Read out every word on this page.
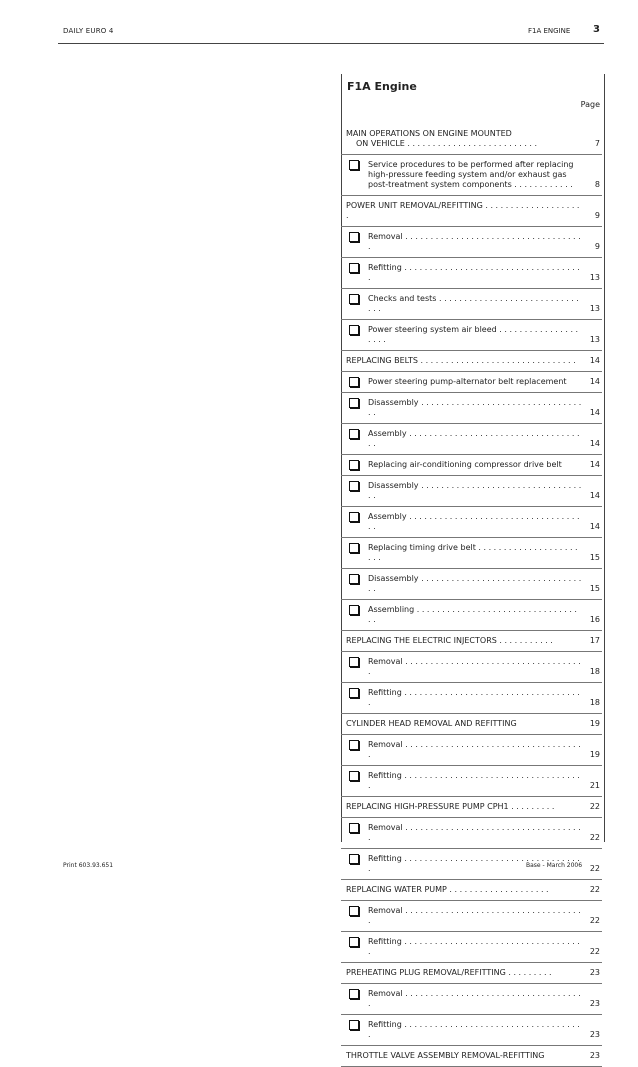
DAILY EURO 4	F1A ENGINE 3
F1A Engine
Page
MAIN OPERATIONS ON ENGINE MOUNTED
ON VEHICLE . . . . . . . . . . . . . . . . . . . . . . . . . .	7
Service procedures to be performed after replacing high-pressure feeding system and/or exhaust gas post-treatment system components . . . . . . . . . . . .	8
POWER UNIT REMOVAL/REFITTING . . . . . . . . . . . . . . . . . . . .	9
Removal . . . . . . . . . . . . . . . . . . . . . . . . . . . . . . . . . . . .	9
Refitting . . . . . . . . . . . . . . . . . . . . . . . . . . . . . . . . . . . .	13
Checks and tests . . . . . . . . . . . . . . . . . . . . . . . . . . . . . . .	13
Power steering system air bleed . . . . . . . . . . . . . . . . . . . .	13
REPLACING BELTS . . . . . . . . . . . . . . . . . . . . . . . . . . . . . . .	14
Power steering pump-alternator belt replacement	14
Disassembly . . . . . . . . . . . . . . . . . . . . . . . . . . . . . . . . . .	14
Assembly . . . . . . . . . . . . . . . . . . . . . . . . . . . . . . . . . . . .	14
Replacing air-conditioning compressor drive belt	14
Disassembly . . . . . . . . . . . . . . . . . . . . . . . . . . . . . . . . . .	14
Assembly . . . . . . . . . . . . . . . . . . . . . . . . . . . . . . . . . . . .	14
Replacing timing drive belt . . . . . . . . . . . . . . . . . . . . . . .	15
Disassembly . . . . . . . . . . . . . . . . . . . . . . . . . . . . . . . . . .	15
Assembling . . . . . . . . . . . . . . . . . . . . . . . . . . . . . . . . . .	16
REPLACING THE ELECTRIC INJECTORS . . . . . . . . . . .	17
Removal . . . . . . . . . . . . . . . . . . . . . . . . . . . . . . . . . . . .	18
Refitting . . . . . . . . . . . . . . . . . . . . . . . . . . . . . . . . . . . .	18
CYLINDER HEAD REMOVAL AND REFITTING	19
Removal . . . . . . . . . . . . . . . . . . . . . . . . . . . . . . . . . . . .	19
Refitting . . . . . . . . . . . . . . . . . . . . . . . . . . . . . . . . . . . .	21
REPLACING HIGH-PRESSURE PUMP CPH1 . . . . . . . . .	22
Removal . . . . . . . . . . . . . . . . . . . . . . . . . . . . . . . . . . . .	22
Refitting . . . . . . . . . . . . . . . . . . . . . . . . . . . . . . . . . . . .	22
REPLACING WATER PUMP . . . . . . . . . . . . . . . . . . . .	22
Removal . . . . . . . . . . . . . . . . . . . . . . . . . . . . . . . . . . . .	22
Refitting . . . . . . . . . . . . . . . . . . . . . . . . . . . . . . . . . . . .	22
PREHEATING PLUG REMOVAL/REFITTING . . . . . . . . .	23
Removal . . . . . . . . . . . . . . . . . . . . . . . . . . . . . . . . . . . .	23
Refitting . . . . . . . . . . . . . . . . . . . . . . . . . . . . . . . . . . . .	23
THROTTLE VALVE ASSEMBLY REMOVAL-REFITTING	23
Print 603.93.651	Base - March 2006
